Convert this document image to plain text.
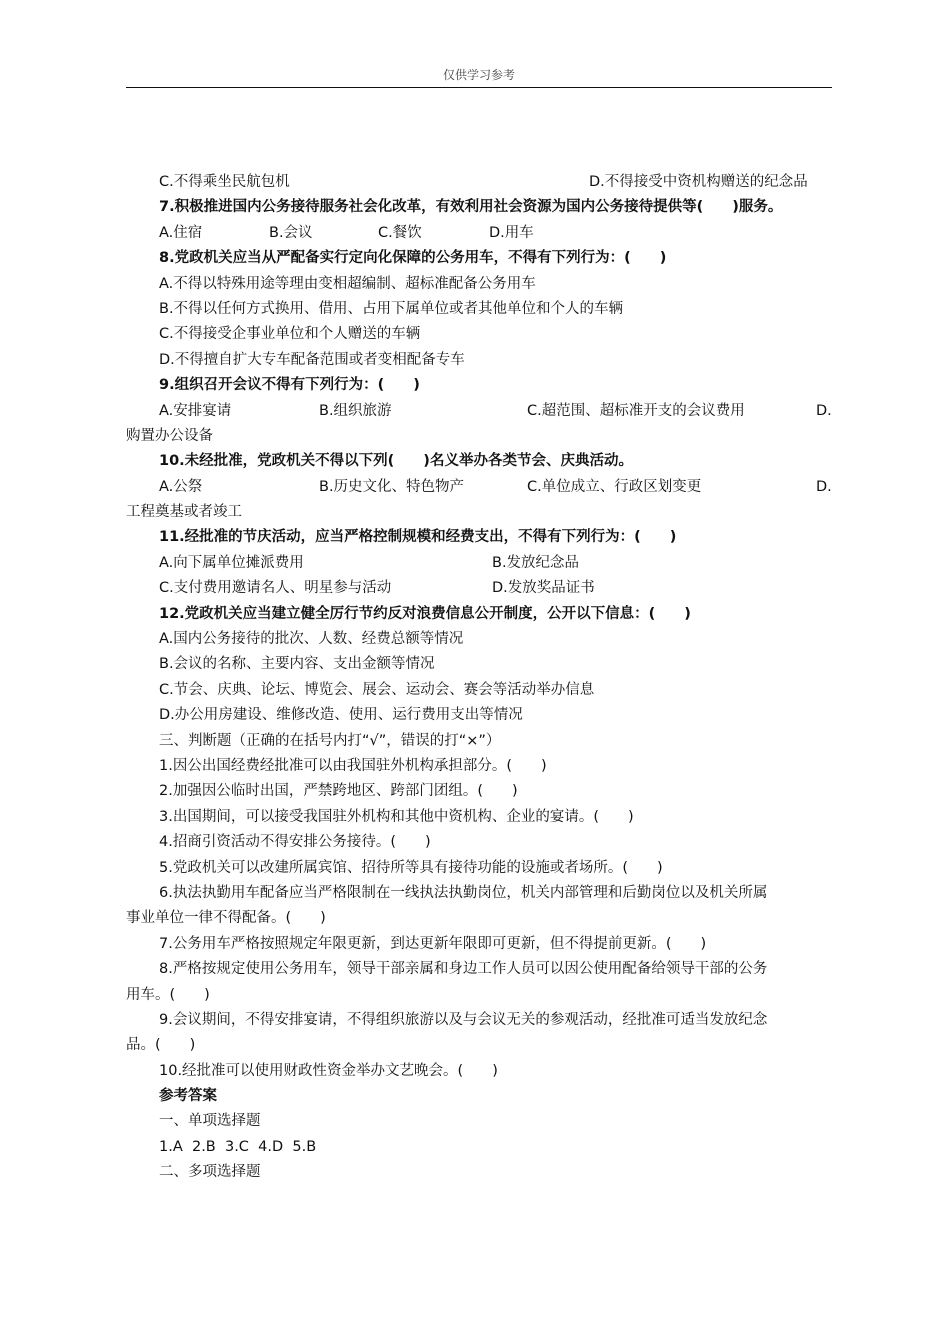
仅供学习参考
C.不得乘坐民航包机	D.不得接受中资机构赠送的纪念品
7.积极推进国内公务接待服务社会化改革，有效利用社会资源为国内公务接待提供等(　　)服务。
A.住宿	B.会议	C.餐饮	D.用车
8.党政机关应当从严配备实行定向化保障的公务用车，不得有下列行为：(　　)
A.不得以特殊用途等理由变相超编制、超标准配备公务用车
B.不得以任何方式换用、借用、占用下属单位或者其他单位和个人的车辆
C.不得接受企事业单位和个人赠送的车辆
D.不得擅自扩大专车配备范围或者变相配备专车
9.组织召开会议不得有下列行为：(　　)
A.安排宴请	B.组织旅游	C.超范围、超标准开支的会议费用	D.
购置办公设备
10.未经批准，党政机关不得以下列(　　)名义举办各类节会、庆典活动。
A.公祭	B.历史文化、特色物产	C.单位成立、行政区划变更	D.
工程奠基或者竣工
11.经批准的节庆活动，应当严格控制规模和经费支出，不得有下列行为：(　　)
A.向下属单位摊派费用	B.发放纪念品
C.支付费用邀请名人、明星参与活动	D.发放奖品证书
12.党政机关应当建立健全厉行节约反对浪费信息公开制度，公开以下信息：(　　)
A.国内公务接待的批次、人数、经费总额等情况
B.会议的名称、主要内容、支出金额等情况
C.节会、庆典、论坛、博览会、展会、运动会、赛会等活动举办信息
D.办公用房建设、维修改造、使用、运行费用支出等情况
三、判断题（正确的在括号内打“√”，错误的打“×”）
1.因公出国经费经批准可以由我国驻外机构承担部分。(　　)
2.加强因公临时出国，严禁跨地区、跨部门团组。(　　)
3.出国期间，可以接受我国驻外机构和其他中资机构、企业的宴请。(　　)
4.招商引资活动不得安排公务接待。(　　)
5.党政机关可以改建所属宾馆、招待所等具有接待功能的设施或者场所。(　　)
6.执法执勤用车配备应当严格限制在一线执法执勤岗位，机关内部管理和后勤岗位以及机关所属
事业单位一律不得配备。(　　)
7.公务用车严格按照规定年限更新，到达更新年限即可更新，但不得提前更新。(　　)
8.严格按规定使用公务用车，领导干部亲属和身边工作人员可以因公使用配备给领导干部的公务
用车。(　　)
9.会议期间，不得安排宴请，不得组织旅游以及与会议无关的参观活动，经批准可适当发放纪念
品。(　　)
10.经批准可以使用财政性资金举办文艺晚会。(　　)
参考答案
一、单项选择题
1.A  2.B  3.C  4.D  5.B
二、多项选择题
